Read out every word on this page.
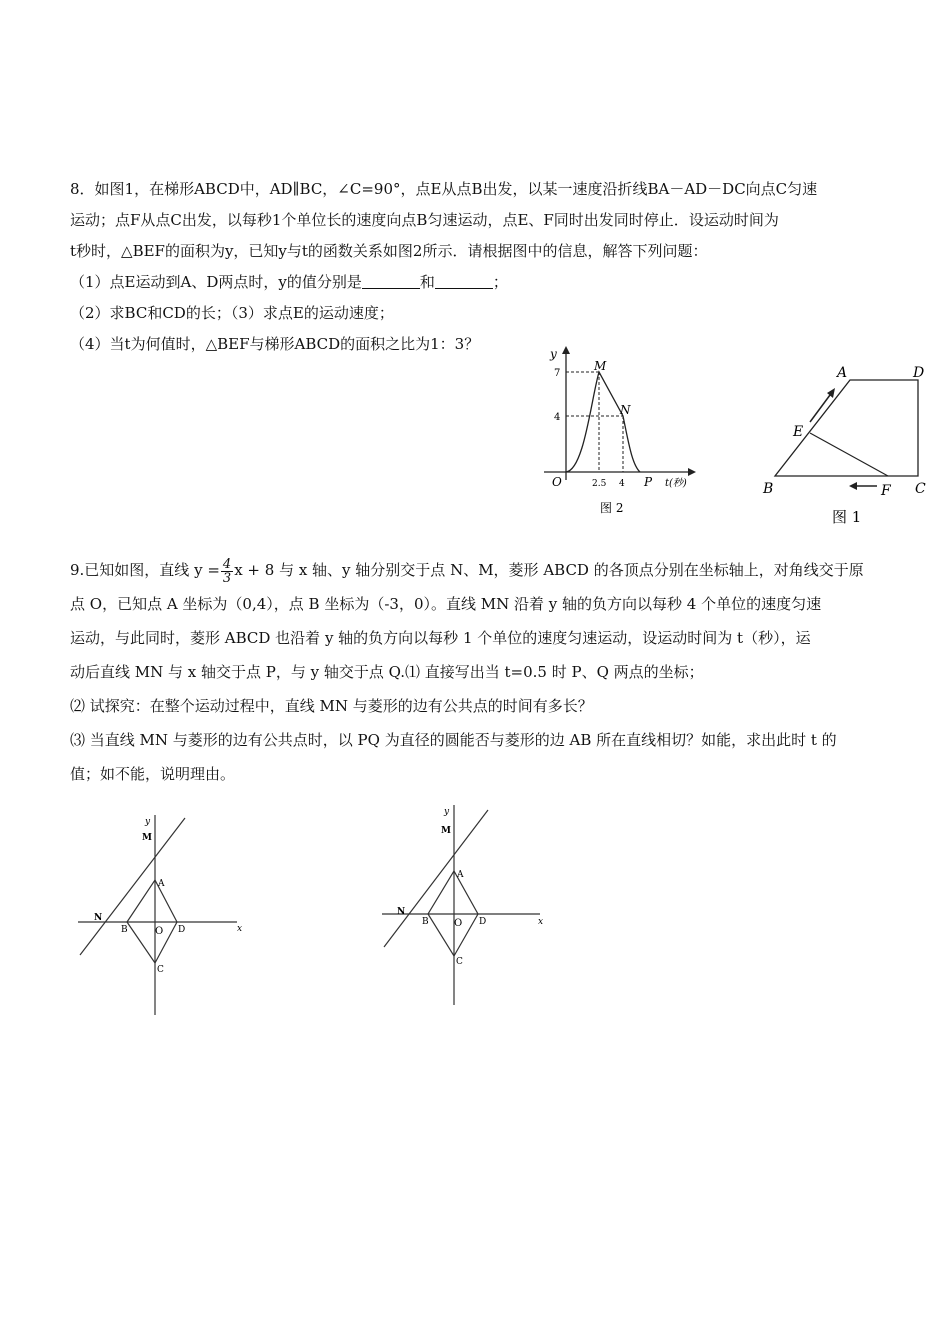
8．如图1，在梯形ABCD中，AD∥BC，∠C=90°，点E从点B出发，以某一速度沿折线BA－AD－DC向点C匀速
运动；点F从点C出发，以每秒1个单位长的速度向点B匀速运动，点E、F同时出发同时停止．设运动时间为
t秒时，△BEF的面积为y，已知y与t的函数关系如图2所示．请根据图中的信息，解答下列问题：
（1）点E运动到A、D两点时，y的值分别是	和	；
（2）求BC和CD的长；（3）求点E的运动速度；
（4）当t为何值时，△BEF与梯形ABCD的面积之比为1：3？
y
7
4
M
N
O	2.5 4 P t(秒)
图 2
A	D
E
B	F C
图 1
9.已知如图，直线 $y = \frac{4}{3}$ x + 8 与 x 轴、y 轴分别交于点 N、M，菱形 ABCD 的各顶点分别在坐标轴上，对角线交于原
点 O，已知点 A 坐标为（0,4），点 B 坐标为（-3，0）。直线 MN 沿着 y 轴的负方向以每秒 4 个单位的速度匀速
运动，与此同时，菱形 ABCD 也沿着 y 轴的负方向以每秒 1 个单位的速度匀速运动，设运动时间为 t（秒），运
动后直线 MN 与 x 轴交于点 P，与 y 轴交于点 Q.⑴ 直接写出当 t=0.5 时 P、Q 两点的坐标；
⑵ 试探究：在整个运动过程中，直线 MN 与菱形的边有公共点的时间有多长？
⑶ 当直线 MN 与菱形的边有公共点时，以 PQ 为直径的圆能否与菱形的边 AB 所在直线相切？如能，求出此时 t 的
值；如不能，说明理由。
y
M
A
N
B	O D
C
x
y
M
A
N
B	O D
C
x
